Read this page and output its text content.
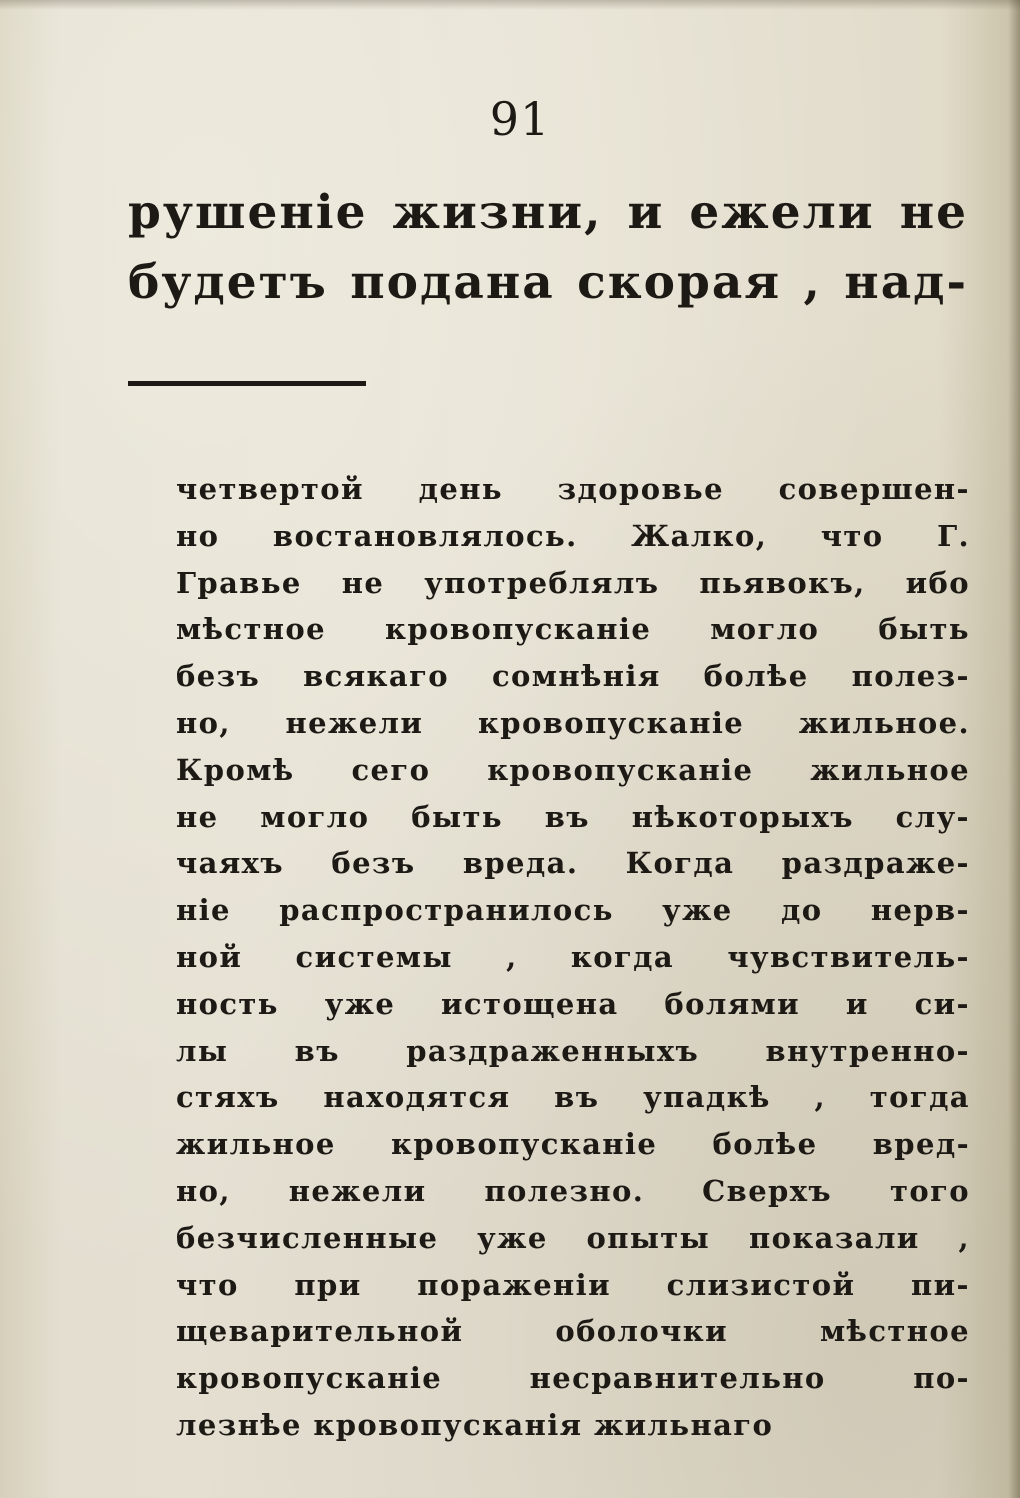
91
рушеніе жизни, и ежели не
будетъ подана скорая , над-
четвертой день здоровье совершен-
но востановлялось. Жалко, что Г.
Гравье не употреблялъ пьявокъ, ибо
мѣстное кровопусканіе могло быть
безъ всякаго сомнѣнія болѣе полез-
но, нежели кровопусканіе жильное.
Кромѣ сего кровопусканіе жильное
не могло быть въ нѣкоторыхъ слу-
чаяхъ безъ вреда. Когда раздраже-
ніе распространилось уже до нерв-
ной системы , когда чувствитель-
ность уже истощена болями и си-
лы въ раздраженныхъ внутренно-
стяхъ находятся въ упадкѣ , тогда
жильное кровопусканіе болѣе вред-
но, нежели полезно. Сверхъ того
безчисленные уже опыты показали ,
что при пораженіи слизистой пи-
щеварительной оболочки мѣстное
кровопусканіе несравнительно по-
лезнѣе кровопусканія жильнаго
